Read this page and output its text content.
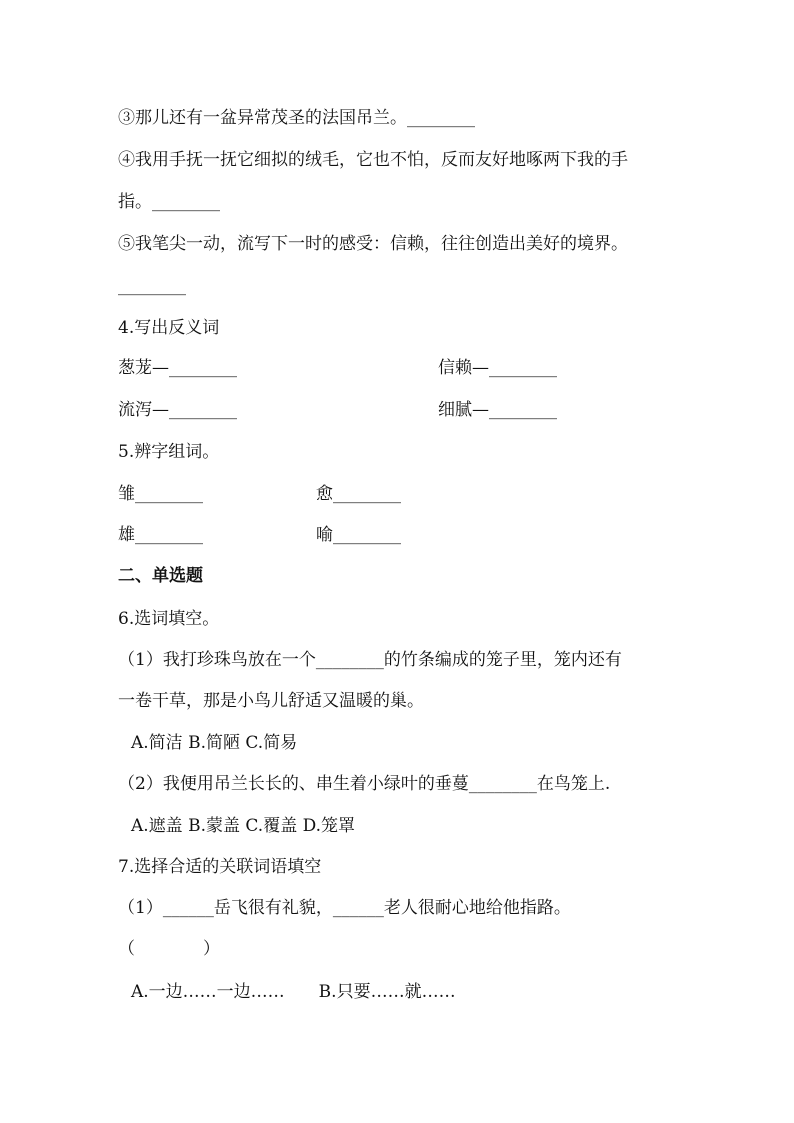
③那儿还有一盆异常茂圣的法国吊兰。________
④我用手抚一抚它细拟的绒毛，它也不怕，反而友好地啄两下我的手
指。________
⑤我笔尖一动，流写下一时的感受：信赖，往往创造出美好的境界。
________
4.写出反义词
葱茏—________	信赖—________
流泻—________	细腻—________
5.辨字组词。
雏________	愈________
雄________	喻________
二、单选题
6.选词填空。
（1）我打珍珠鸟放在一个________的竹条编成的笼子里，笼内还有
一卷干草，那是小鸟儿舒适又温暖的巢。
A.简洁 B.简陋 C.简易
（2）我便用吊兰长长的、串生着小绿叶的垂蔓________在鸟笼上.
A.遮盖 B.蒙盖 C.覆盖 D.笼罩
7.选择合适的关联词语填空
（1）______岳飞很有礼貌，______老人很耐心地给他指路。
（　　　　）
A.一边……一边……　　B.只要……就……
